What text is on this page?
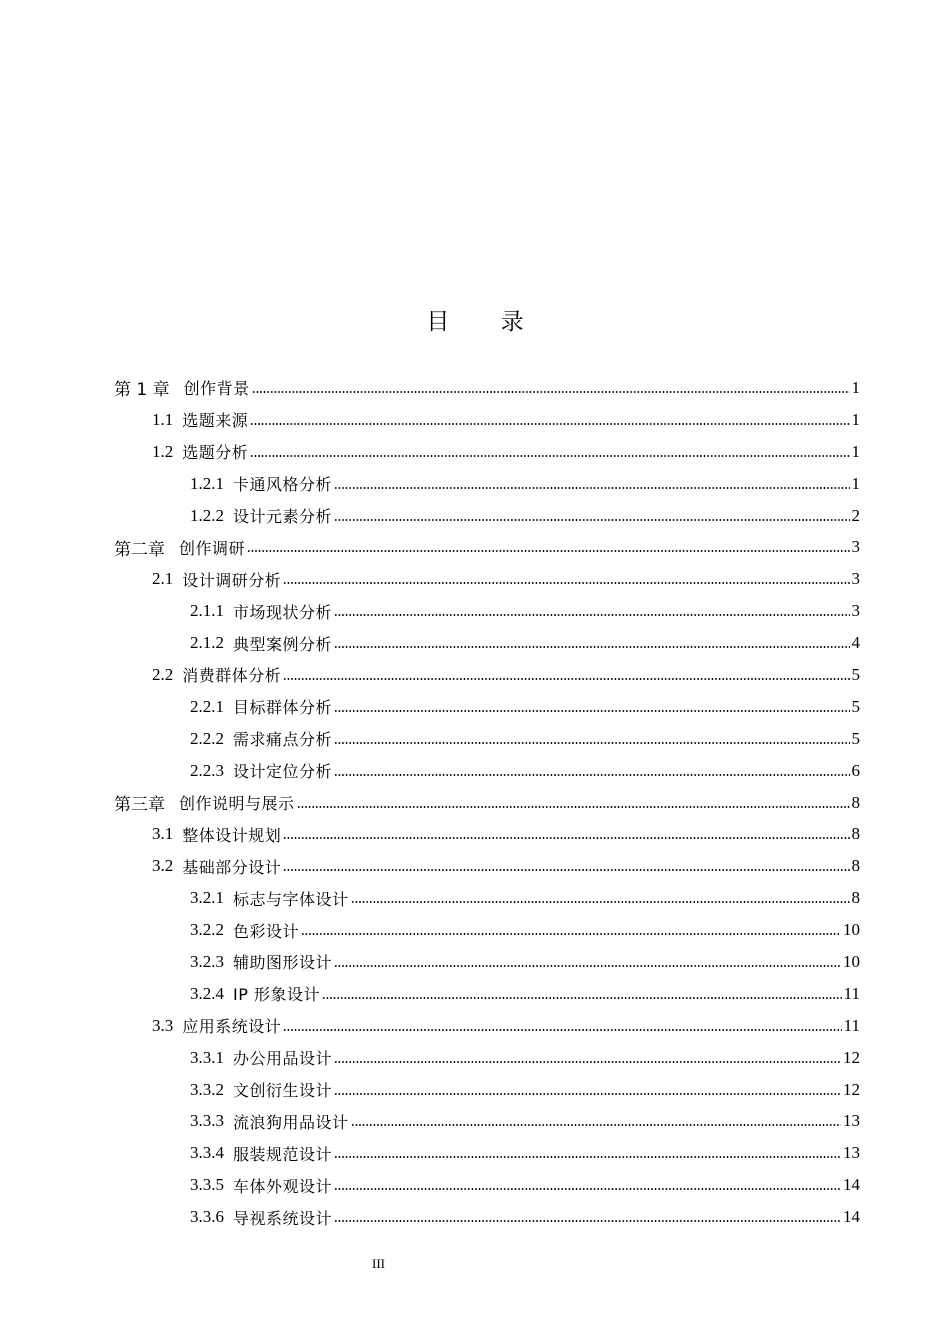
目 录
第 1 章 创作背景	1
1.1 选题来源	1
1.2 选题分析	1
1.2.1 卡通风格分析	1
1.2.2 设计元素分析	2
第二章 创作调研	3
2.1 设计调研分析	3
2.1.1 市场现状分析	3
2.1.2 典型案例分析	4
2.2 消费群体分析	5
2.2.1 目标群体分析	5
2.2.2 需求痛点分析	5
2.2.3 设计定位分析	6
第三章 创作说明与展示	8
3.1 整体设计规划	8
3.2 基础部分设计	8
3.2.1 标志与字体设计	8
3.2.2 色彩设计	10
3.2.3 辅助图形设计	10
3.2.4 IP 形象设计	11
3.3 应用系统设计	11
3.3.1 办公用品设计	12
3.3.2 文创衍生设计	12
3.3.3 流浪狗用品设计	13
3.3.4 服装规范设计	13
3.3.5 车体外观设计	14
3.3.6 导视系统设计	14
III
